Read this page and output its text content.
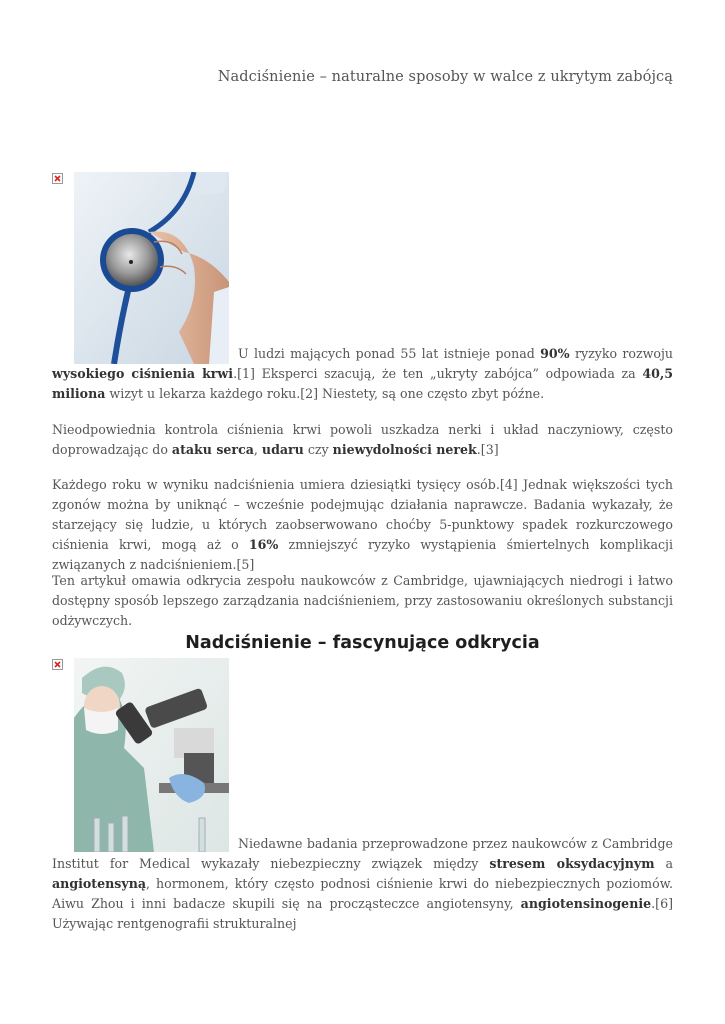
Nadciśnienie – naturalne sposoby w walce z ukrytym zabójcą

U ludzi mających ponad 55 lat istnieje ponad 90% ryzyko rozwoju wysokiego ciśnienia krwi.[1] Eksperci szacują, że ten „ukryty zabójca” odpowiada za 40,5 miliona wizyt u lekarza każdego roku.[2] Niestety, są one często zbyt późne.

Nieodpowiednia kontrola ciśnienia krwi powoli uszkadza nerki i układ naczyniowy, często doprowadzając do ataku serca, udaru czy niewydolności nerek.[3]

Każdego roku w wyniku nadciśnienia umiera dziesiątki tysięcy osób.[4] Jednak większości tych zgonów można by uniknąć – wcześnie podejmując działania naprawcze. Badania wykazały, że starzejący się ludzie, u których zaobserwowano choćby 5-punktowy spadek rozkurczowego ciśnienia krwi, mogą aż o 16% zmniejszyć ryzyko wystąpienia śmiertelnych komplikacji związanych z nadciśnieniem.[5]

Ten artykuł omawia odkrycia zespołu naukowców z Cambridge, ujawniających niedrogi i łatwo dostępny sposób lepszego zarządzania nadciśnieniem, przy zastosowaniu określonych substancji odżywczych.

Nadciśnienie – fascynujące odkrycia

Niedawne badania przeprowadzone przez naukowców z Cambridge Institut for Medical wykazały niebezpieczny związek między stresem oksydacyjnym a angiotensyną, hormonem, który często podnosi ciśnienie krwi do niebezpiecznych poziomów. Aiwu Zhou i inni badacze skupili się na procząsteczce angiotensyny, angiotensinogenie.[6] Używając rentgenografii strukturalnej
